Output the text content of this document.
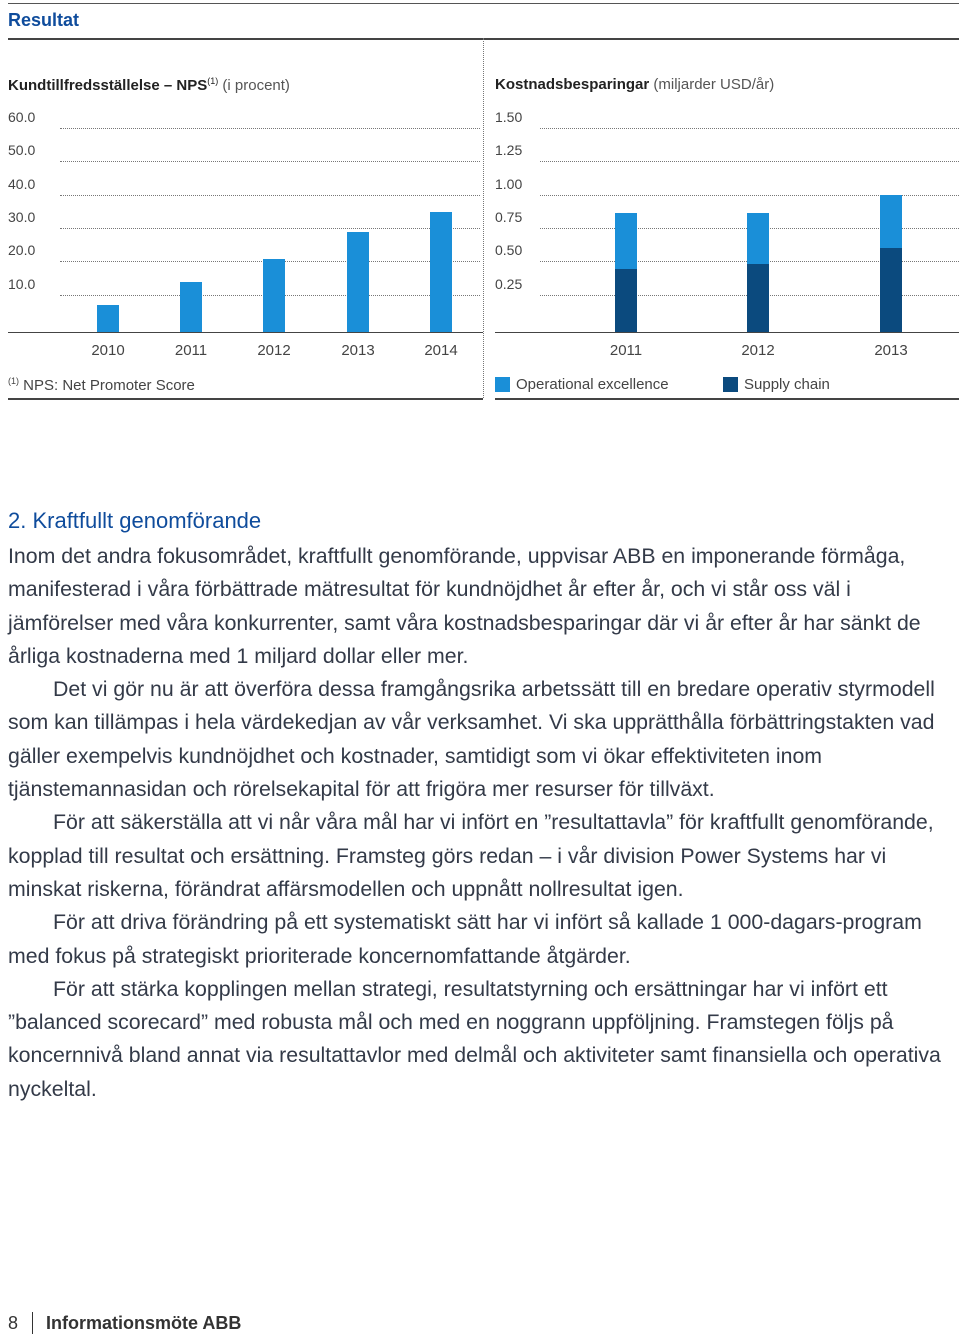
Resultat
Kundtillfredsställelse – NPS$^{(1)}$ (i procent)	Kostnadsbesparingar (miljarder USD/år)
60.0
50.0
40.0
30.0
20.0
10.0
2010	2011	2012	2013	2014
1.50
1.25
1.00
0.75
0.50
0.25
2011	2012	2013
$^{(1)}$ NPS: Net Promoter Score	Operational excellence	Supply chain
2. Kraftfullt genomförande

Inom det andra fokusområdet, kraftfullt genomförande, uppvisar ABB en imponerande förmåga, manifesterad i våra förbättrade mätresultat för kundnöjdhet år efter år, och vi står oss väl i jämförelser med våra konkurrenter, samt våra kostnadsbesparingar där vi år efter år har sänkt de årliga kostnaderna med 1 miljard dollar eller mer.

Det vi gör nu är att överföra dessa framgångsrika arbetssätt till en bredare operativ styrmodell som kan tillämpas i hela värdekedjan av vår verksamhet. Vi ska upprätthålla förbättringstakten vad gäller exempelvis kundnöjdhet och kostnader, samtidigt som vi ökar effektiviteten inom tjänstemannasidan och rörelsekapital för att frigöra mer resurser för tillväxt.

För att säkerställa att vi når våra mål har vi infört en ”resultattavla” för kraftfullt genomförande, kopplad till resultat och ersättning. Framsteg görs redan – i vår division Power Systems har vi minskat riskerna, förändrat affärsmodellen och uppnått nollresultat igen.

För att driva förändring på ett systematiskt sätt har vi infört så kallade 1 000-dagars-program med fokus på strategiskt prioriterade koncernomfattande åtgärder.

För att stärka kopplingen mellan strategi, resultatstyrning och ersättningar har vi infört ett ”balanced scorecard” med robusta mål och med en noggrann uppföljning. Framstegen följs på koncernnivå bland annat via resultattavlor med delmål och aktiviteter samt finansiella och operativa nyckeltal.

8 Informationsmöte ABB
